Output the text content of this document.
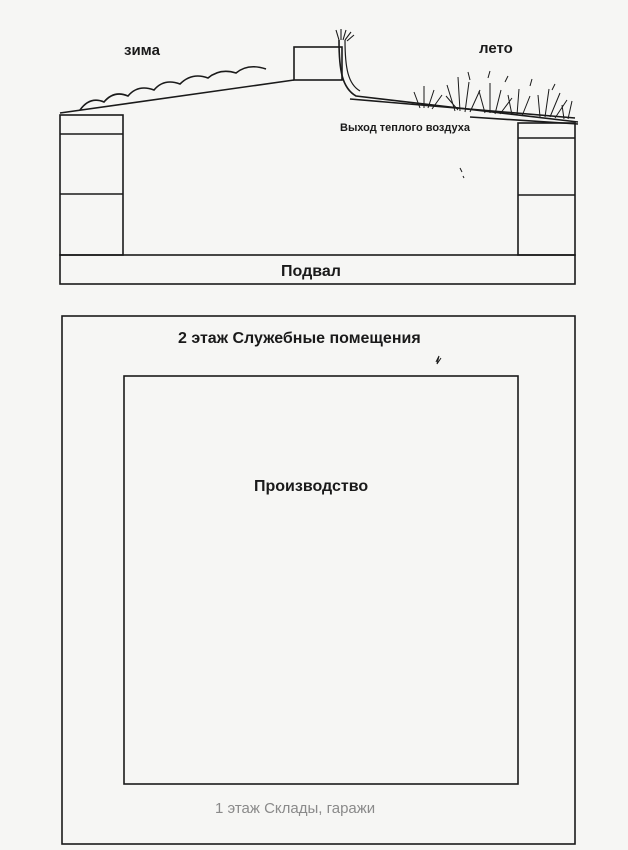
зима	лето
Выход теплого воздуха
Подвал
2 этаж Служебные помещения
Производство
1 этаж Склады, гаражи
